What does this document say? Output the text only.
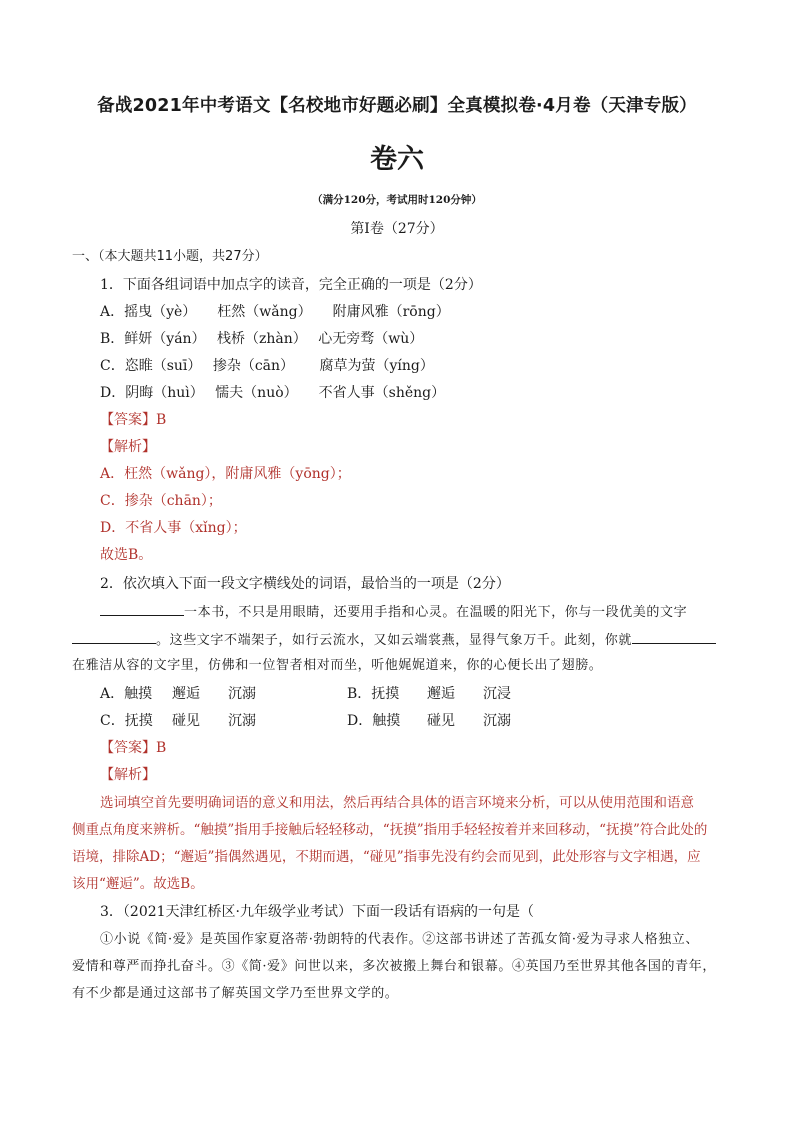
备战2021年中考语文【名校地市好题必刷】全真模拟卷·4月卷（天津专版）
卷六
（满分120分，考试用时120分钟）
第Ⅰ卷（27分）
一、（本大题共11小题，共27分）
1．下面各组词语中加点字的读音，完全正确的一项是（2分）
A．摇曳（yè）　　枉然（wǎng）　　附庸风雅（rōng）
B．鲜妍（yán）　 栈桥（zhàn）　 心无旁骛（wù）
C．恣睢（suī）　 掺杂（cān）　　 腐草为萤（yíng）
D．阴晦（huì）　 懦夫（nuò）　　不省人事（shěng）
【答案】B
【解析】
A．枉然（wǎng），附庸风雅（yōng）；
C．掺杂（chān）；
D．不省人事（xǐng）；
故选B。
2．依次填入下面一段文字横线处的词语，最恰当的一项是（2分）
一本书，不只是用眼睛，还要用手指和心灵。在温暖的阳光下，你与一段优美的文字
。这些文字不端架子，如行云流水，又如云端裳燕，显得气象万千。此刻，你就
在雅洁从容的文字里，仿佛和一位智者相对而坐，听他娓娓道来，你的心便长出了翅膀。
A．触摸 邂逅 沉溺	B．抚摸 邂逅 沉浸
C．抚摸 碰见 沉溺	D．触摸 碰见 沉溺
【答案】B
【解析】
选词填空首先要明确词语的意义和用法，然后再结合具体的语言环境来分析，可以从使用范围和语意
侧重点角度来辨析。“触摸”指用手接触后轻轻移动，“抚摸”指用手轻轻按着并来回移动，“抚摸”符合此处的
语境，排除AD；“邂逅”指偶然遇见，不期而遇，“碰见”指事先没有约会而见到，此处形容与文字相遇，应
该用“邂逅”。故选B。
3．（2021天津红桥区·九年级学业考试）下面一段话有语病的一句是（
①小说《简·爱》是英国作家夏洛蒂·勃朗特的代表作。②这部书讲述了苦孤女简·爱为寻求人格独立、
爱情和尊严而挣扎奋斗。③《简·爱》问世以来，多次被搬上舞台和银幕。④英国乃至世界其他各国的青年，
有不少都是通过这部书了解英国文学乃至世界文学的。
